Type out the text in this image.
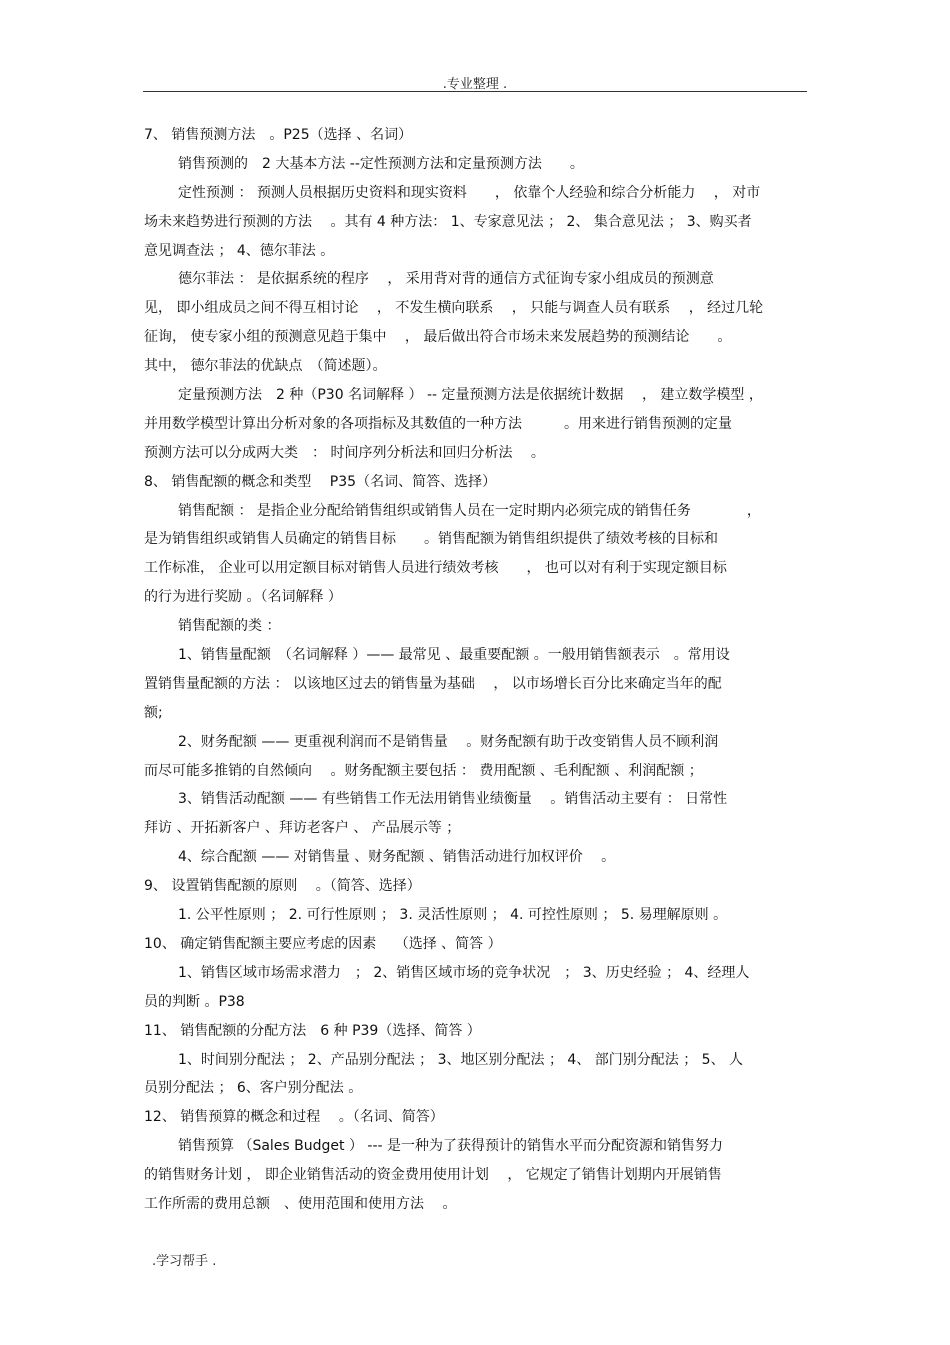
.专业整理 .
7、 销售预测方法　。P25（选择 、名词）
销售预测的　2 大基本方法 --定性预测方法和定量预测方法　　。
定性预测 ： 预测人员根据历史资料和现实资料　　， 依靠个人经验和综合分析能力　 ， 对市
场未来趋势进行预测的方法　 。其有 4 种方法： 1、专家意见法 ； 2、 集合意见法 ； 3、购买者
意见调查法 ； 4、德尔菲法 。
德尔菲法 ： 是依据系统的程序　 ， 采用背对背的通信方式征询专家小组成员的预测意
见， 即小组成员之间不得互相讨论　 ， 不发生横向联系　 ， 只能与调查人员有联系　 ， 经过几轮
征询， 使专家小组的预测意见趋于集中　 ， 最后做出符合市场未来发展趋势的预测结论　　。
其中， 德尔菲法的优缺点　（简述题）。
定量预测方法　2 种（P30 名词解释 ） -- 定量预测方法是依据统计数据　 ， 建立数学模型 ，
并用数学模型计算出分析对象的各项指标及其数值的一种方法　　　。用来进行销售预测的定量
预测方法可以分成两大类　： 时间序列分析法和回归分析法　 。
8、 销售配额的概念和类型　 P35（名词、简答、选择）
销售配额 ： 是指企业分配给销售组织或销售人员在一定时期内必须完成的销售任务　　　　，
是为销售组织或销售人员确定的销售目标　　。销售配额为销售组织提供了绩效考核的目标和
工作标准， 企业可以用定额目标对销售人员进行绩效考核　　， 也可以对有利于实现定额目标
的行为进行奖励 。（名词解释 ）
销售配额的类 ：
1、销售量配额　（名词解释 ）—— 最常见 、最重要配额 。一般用销售额表示　。常用设
置销售量配额的方法 ： 以该地区过去的销售量为基础　 ， 以市场增长百分比来确定当年的配
额;
2、财务配额 —— 更重视利润而不是销售量　 。财务配额有助于改变销售人员不顾利润
而尽可能多推销的自然倾向　 。财务配额主要包括 ： 费用配额 、毛利配额 、利润配额 ；
3、销售活动配额 —— 有些销售工作无法用销售业绩衡量　 。销售活动主要有 ： 日常性
拜访 、开拓新客户 、拜访老客户 、 产品展示等 ；
4、综合配额 —— 对销售量 、财务配额 、销售活动进行加权评价　 。
9、 设置销售配额的原则　 。（简答、选择）
1. 公平性原则 ； 2. 可行性原则 ； 3. 灵活性原则 ； 4. 可控性原则 ； 5. 易理解原则 。
10、 确定销售配额主要应考虑的因素　 （选择 、简答 ）
1、销售区域市场需求潜力　； 2、销售区域市场的竞争状况　； 3、历史经验 ； 4、经理人
员的判断 。P38
11、 销售配额的分配方法　6 种 P39（选择、简答 ）
1、时间别分配法 ； 2、产品别分配法 ； 3、地区别分配法 ； 4、 部门别分配法 ； 5、 人
员别分配法 ； 6、客户别分配法 。
12、 销售预算的概念和过程　 。（名词、简答）
销售预算 （Sales Budget ） --- 是一种为了获得预计的销售水平而分配资源和销售努力
的销售财务计划 ， 即企业销售活动的资金费用使用计划　 ， 它规定了销售计划期内开展销售
工作所需的费用总额　、使用范围和使用方法　 。
.学习帮手 .
